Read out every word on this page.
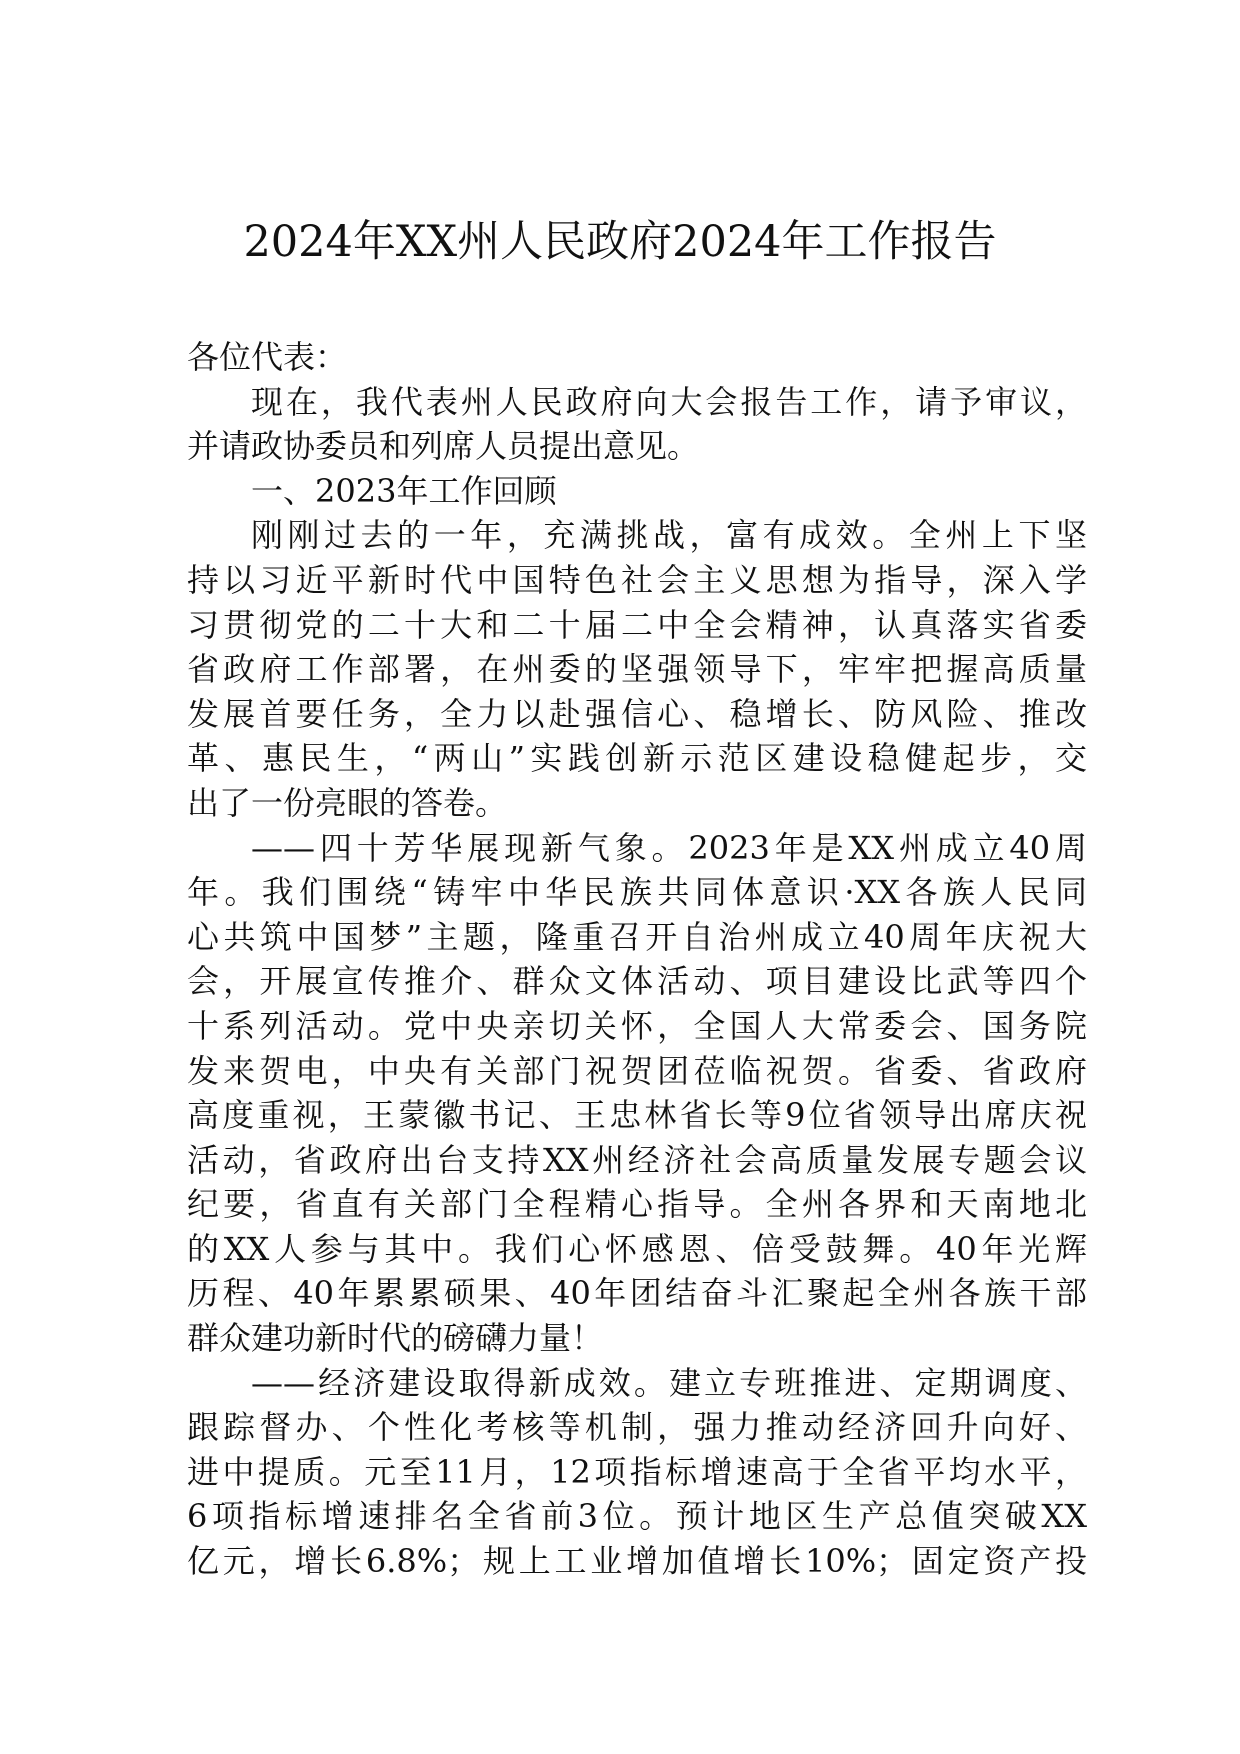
2024年XX州人民政府2024年工作报告
各位代表：
现在，我代表州人民政府向大会报告工作，请予审议，
并请政协委员和列席人员提出意见。
一、2023年工作回顾
刚刚过去的一年，充满挑战，富有成效。全州上下坚
持以习近平新时代中国特色社会主义思想为指导，深入学
习贯彻党的二十大和二十届二中全会精神，认真落实省委
省政府工作部署，在州委的坚强领导下，牢牢把握高质量
发展首要任务，全力以赴强信心、稳增长、防风险、推改
革、惠民生，“两山”实践创新示范区建设稳健起步，交
出了一份亮眼的答卷。
——四十芳华展现新气象。2023年是XX州成立40周
年。我们围绕“铸牢中华民族共同体意识·XX各族人民同
心共筑中国梦”主题，隆重召开自治州成立40周年庆祝大
会，开展宣传推介、群众文体活动、项目建设比武等四个
十系列活动。党中央亲切关怀，全国人大常委会、国务院
发来贺电，中央有关部门祝贺团莅临祝贺。省委、省政府
高度重视，王蒙徽书记、王忠林省长等9位省领导出席庆祝
活动，省政府出台支持XX州经济社会高质量发展专题会议
纪要，省直有关部门全程精心指导。全州各界和天南地北
的XX人参与其中。我们心怀感恩、倍受鼓舞。40年光辉
历程、40年累累硕果、40年团结奋斗汇聚起全州各族干部
群众建功新时代的磅礴力量！
——经济建设取得新成效。建立专班推进、定期调度、
跟踪督办、个性化考核等机制，强力推动经济回升向好、
进中提质。元至11月，12项指标增速高于全省平均水平，
6项指标增速排名全省前3位。预计地区生产总值突破XX
亿元，增长6.8%；规上工业增加值增长10%；固定资产投
